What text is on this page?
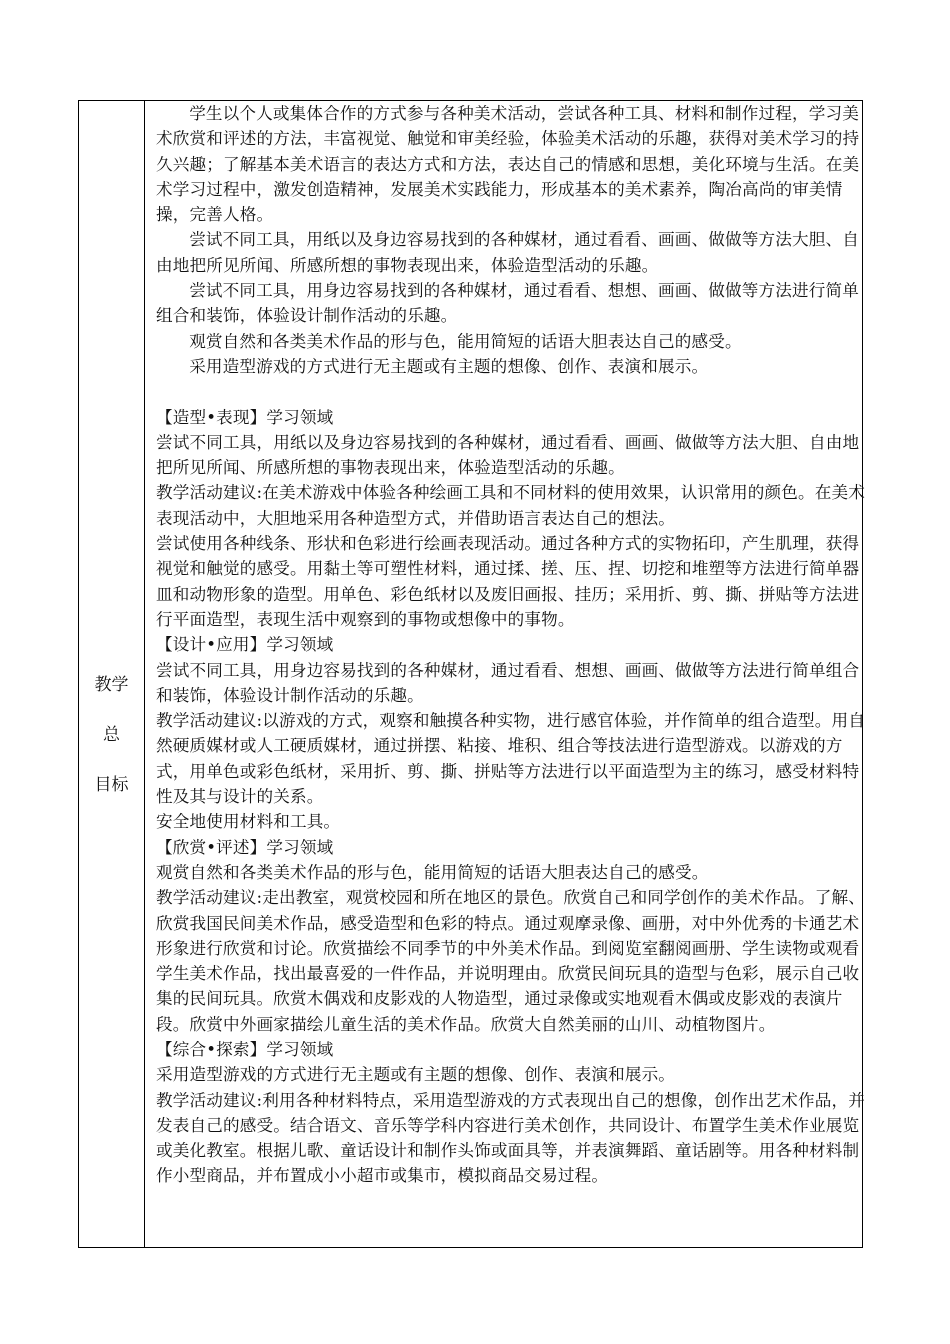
教学
总
目标

学生以个人或集体合作的方式参与各种美术活动，尝试各种工具、材料和制作过程，学习美术欣赏和评述的方法，丰富视觉、触觉和审美经验，体验美术活动的乐趣，获得对美术学习的持久兴趣；了解基本美术语言的表达方式和方法，表达自己的情感和思想，美化环境与生活。在美术学习过程中，激发创造精神，发展美术实践能力，形成基本的美术素养，陶冶高尚的审美情操，完善人格。

尝试不同工具，用纸以及身边容易找到的各种媒材，通过看看、画画、做做等方法大胆、自由地把所见所闻、所感所想的事物表现出来，体验造型活动的乐趣。

尝试不同工具，用身边容易找到的各种媒材，通过看看、想想、画画、做做等方法进行简单组合和装饰，体验设计制作活动的乐趣。

观赏自然和各类美术作品的形与色，能用简短的话语大胆表达自己的感受。

采用造型游戏的方式进行无主题或有主题的想像、创作、表演和展示。

【造型•表现】学习领域

尝试不同工具，用纸以及身边容易找到的各种媒材，通过看看、画画、做做等方法大胆、自由地把所见所闻、所感所想的事物表现出来，体验造型活动的乐趣。

教学活动建议:在美术游戏中体验各种绘画工具和不同材料的使用效果，认识常用的颜色。在美术表现活动中，大胆地采用各种造型方式，并借助语言表达自己的想法。

尝试使用各种线条、形状和色彩进行绘画表现活动。通过各种方式的实物拓印，产生肌理，获得视觉和触觉的感受。用黏土等可塑性材料，通过揉、搓、压、捏、切挖和堆塑等方法进行简单器皿和动物形象的造型。用单色、彩色纸材以及废旧画报、挂历；采用折、剪、撕、拼贴等方法进行平面造型，表现生活中观察到的事物或想像中的事物。

【设计•应用】学习领域

尝试不同工具，用身边容易找到的各种媒材，通过看看、想想、画画、做做等方法进行简单组合和装饰，体验设计制作活动的乐趣。

教学活动建议:以游戏的方式，观察和触摸各种实物，进行感官体验，并作简单的组合造型。用自然硬质媒材或人工硬质媒材，通过拼摆、粘接、堆积、组合等技法进行造型游戏。以游戏的方式，用单色或彩色纸材，采用折、剪、撕、拼贴等方法进行以平面造型为主的练习，感受材料特性及其与设计的关系。

安全地使用材料和工具。

【欣赏•评述】学习领域

观赏自然和各类美术作品的形与色，能用简短的话语大胆表达自己的感受。

教学活动建议:走出教室，观赏校园和所在地区的景色。欣赏自己和同学创作的美术作品。了解、欣赏我国民间美术作品，感受造型和色彩的特点。通过观摩录像、画册，对中外优秀的卡通艺术形象进行欣赏和讨论。欣赏描绘不同季节的中外美术作品。到阅览室翻阅画册、学生读物或观看学生美术作品，找出最喜爱的一件作品，并说明理由。欣赏民间玩具的造型与色彩，展示自己收集的民间玩具。欣赏木偶戏和皮影戏的人物造型，通过录像或实地观看木偶或皮影戏的表演片段。欣赏中外画家描绘儿童生活的美术作品。欣赏大自然美丽的山川、动植物图片。

【综合•探索】学习领域

采用造型游戏的方式进行无主题或有主题的想像、创作、表演和展示。

教学活动建议:利用各种材料特点，采用造型游戏的方式表现出自己的想像，创作出艺术作品，并发表自己的感受。结合语文、音乐等学科内容进行美术创作，共同设计、布置学生美术作业展览或美化教室。根据儿歌、童话设计和制作头饰或面具等，并表演舞蹈、童话剧等。用各种材料制作小型商品，并布置成小小超市或集市，模拟商品交易过程。
